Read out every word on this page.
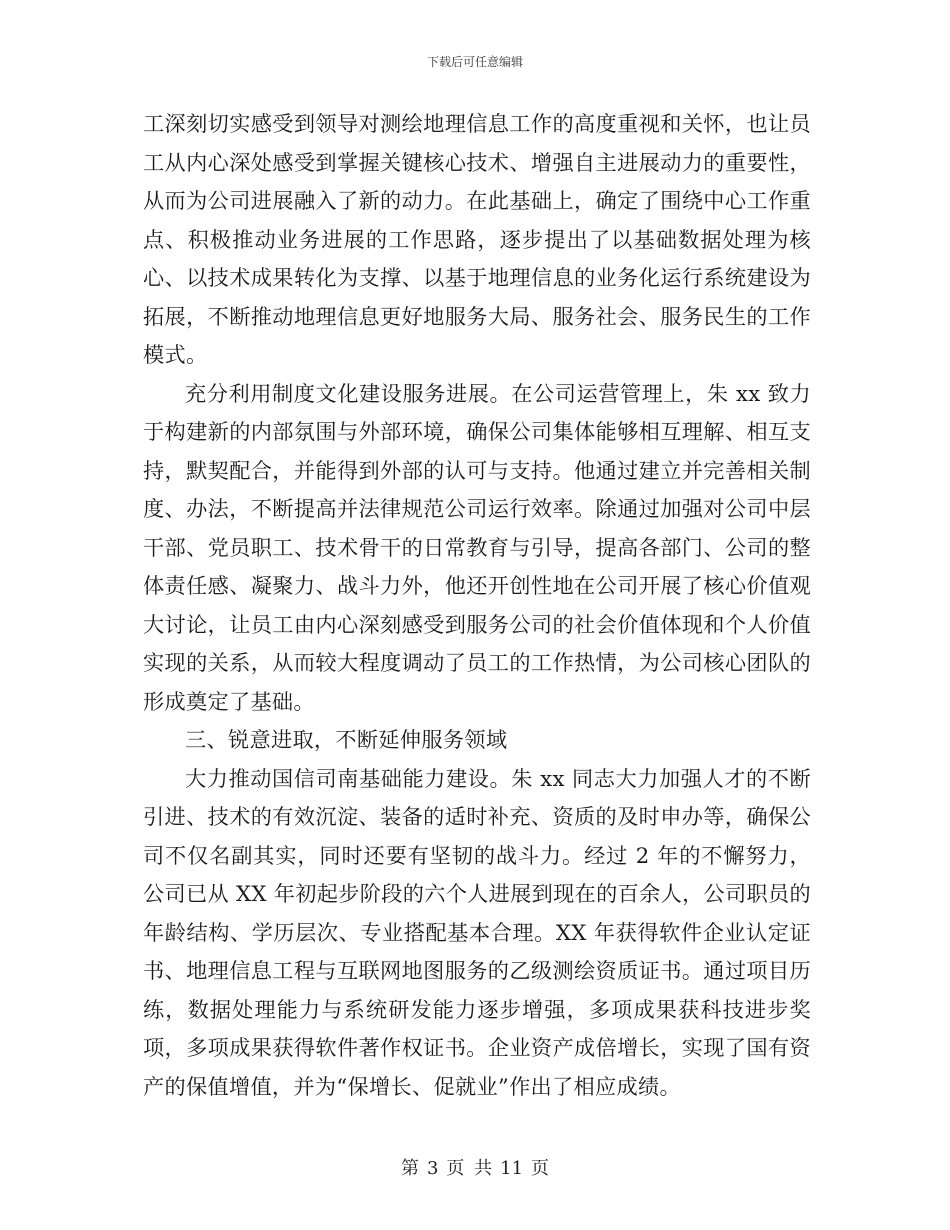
下载后可任意编辑

工深刻切实感受到领导对测绘地理信息工作的高度重视和关怀，也让员工从内心深处感受到掌握关键核心技术、增强自主进展动力的重要性，从而为公司进展融入了新的动力。在此基础上，确定了围绕中心工作重点、积极推动业务进展的工作思路，逐步提出了以基础数据处理为核心、以技术成果转化为支撑、以基于地理信息的业务化运行系统建设为拓展，不断推动地理信息更好地服务大局、服务社会、服务民生的工作模式。

充分利用制度文化建设服务进展。在公司运营管理上，朱 xx 致力于构建新的内部氛围与外部环境，确保公司集体能够相互理解、相互支持，默契配合，并能得到外部的认可与支持。他通过建立并完善相关制度、办法，不断提高并法律规范公司运行效率。除通过加强对公司中层干部、党员职工、技术骨干的日常教育与引导，提高各部门、公司的整体责任感、凝聚力、战斗力外，他还开创性地在公司开展了核心价值观大讨论，让员工由内心深刻感受到服务公司的社会价值体现和个人价值实现的关系，从而较大程度调动了员工的工作热情，为公司核心团队的形成奠定了基础。

三、锐意进取，不断延伸服务领域

大力推动国信司南基础能力建设。朱 xx 同志大力加强人才的不断引进、技术的有效沉淀、装备的适时补充、资质的及时申办等，确保公司不仅名副其实，同时还要有坚韧的战斗力。经过 2 年的不懈努力，公司已从 XX 年初起步阶段的六个人进展到现在的百余人，公司职员的年龄结构、学历层次、专业搭配基本合理。XX 年获得软件企业认定证书、地理信息工程与互联网地图服务的乙级测绘资质证书。通过项目历练，数据处理能力与系统研发能力逐步增强，多项成果获科技进步奖项，多项成果获得软件著作权证书。企业资产成倍增长，实现了国有资产的保值增值，并为“保增长、促就业”作出了相应成绩。

第 3 页 共 11 页
